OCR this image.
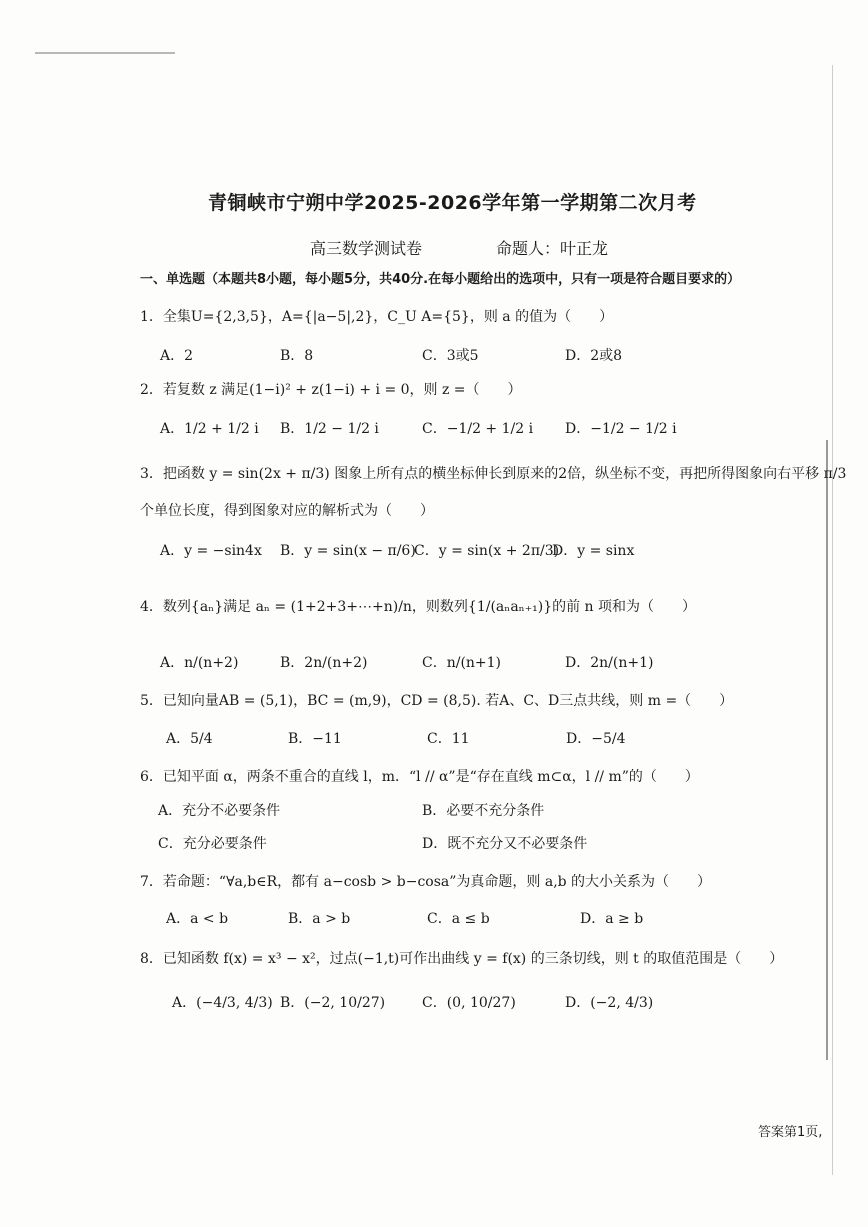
青铜峡市宁朔中学2025-2026学年第一学期第二次月考
高三数学测试卷	命题人：叶正龙
一、单选题（本题共8小题，每小题5分，共40分.在每小题给出的选项中，只有一项是符合题目要求的）
1．全集U={2,3,5}，A={|a−5|,2}，C_U A={5}，则 a 的值为（　　）
A．2	B．8	C．3或5	D．2或8
2．若复数 z 满足(1−i)² + z(1−i) + i = 0，则 z =（　　）
A．1/2 + 1/2 i B．1/2 − 1/2 i	C．−1/2 + 1/2 i D．−1/2 − 1/2 i
3．把函数 y = sin(2x + π/3) 图象上所有点的横坐标伸长到原来的2倍，纵坐标不变，再把所得图象向右平移 π/3
个单位长度，得到图象对应的解析式为（　　）
A．y = −sin4x B．y = sin(x − π/6)
C．y = sin(x + 2π/3)
D．y = sinx
4．数列{aₙ}满足 aₙ = (1+2+3+⋯+n)/n，则数列{1/(aₙaₙ₊₁)}的前 n 项和为（　　）
A．n/(n+2)	B．2n/(n+2)	C．n/(n+1)	D．2n/(n+1)
5．已知向量AB = (5,1)，BC = (m,9)，CD = (8,5). 若A、C、D三点共线，则 m =（　　）
A．5/4	B．−11	C．11	D．−5/4
6．已知平面 α，两条不重合的直线 l，m．“l // α”是“存在直线 m⊂α，l // m”的（　　）
A．充分不必要条件	B．必要不充分条件
C．充分必要条件	D．既不充分又不必要条件
7．若命题：“∀a,b∈R，都有 a−cosb > b−cosa”为真命题，则 a,b 的大小关系为（　　）
A．a < b	B．a > b	C．a ≤ b	D．a ≥ b
8．已知函数 f(x) = x³ − x²，过点(−1,t)可作出曲线 y = f(x) 的三条切线，则 t 的取值范围是（　　）
A．(−4/3, 4/3) B．(−2, 10/27)	C．(0, 10/27)	D．(−2, 4/3)
答案第1页,
